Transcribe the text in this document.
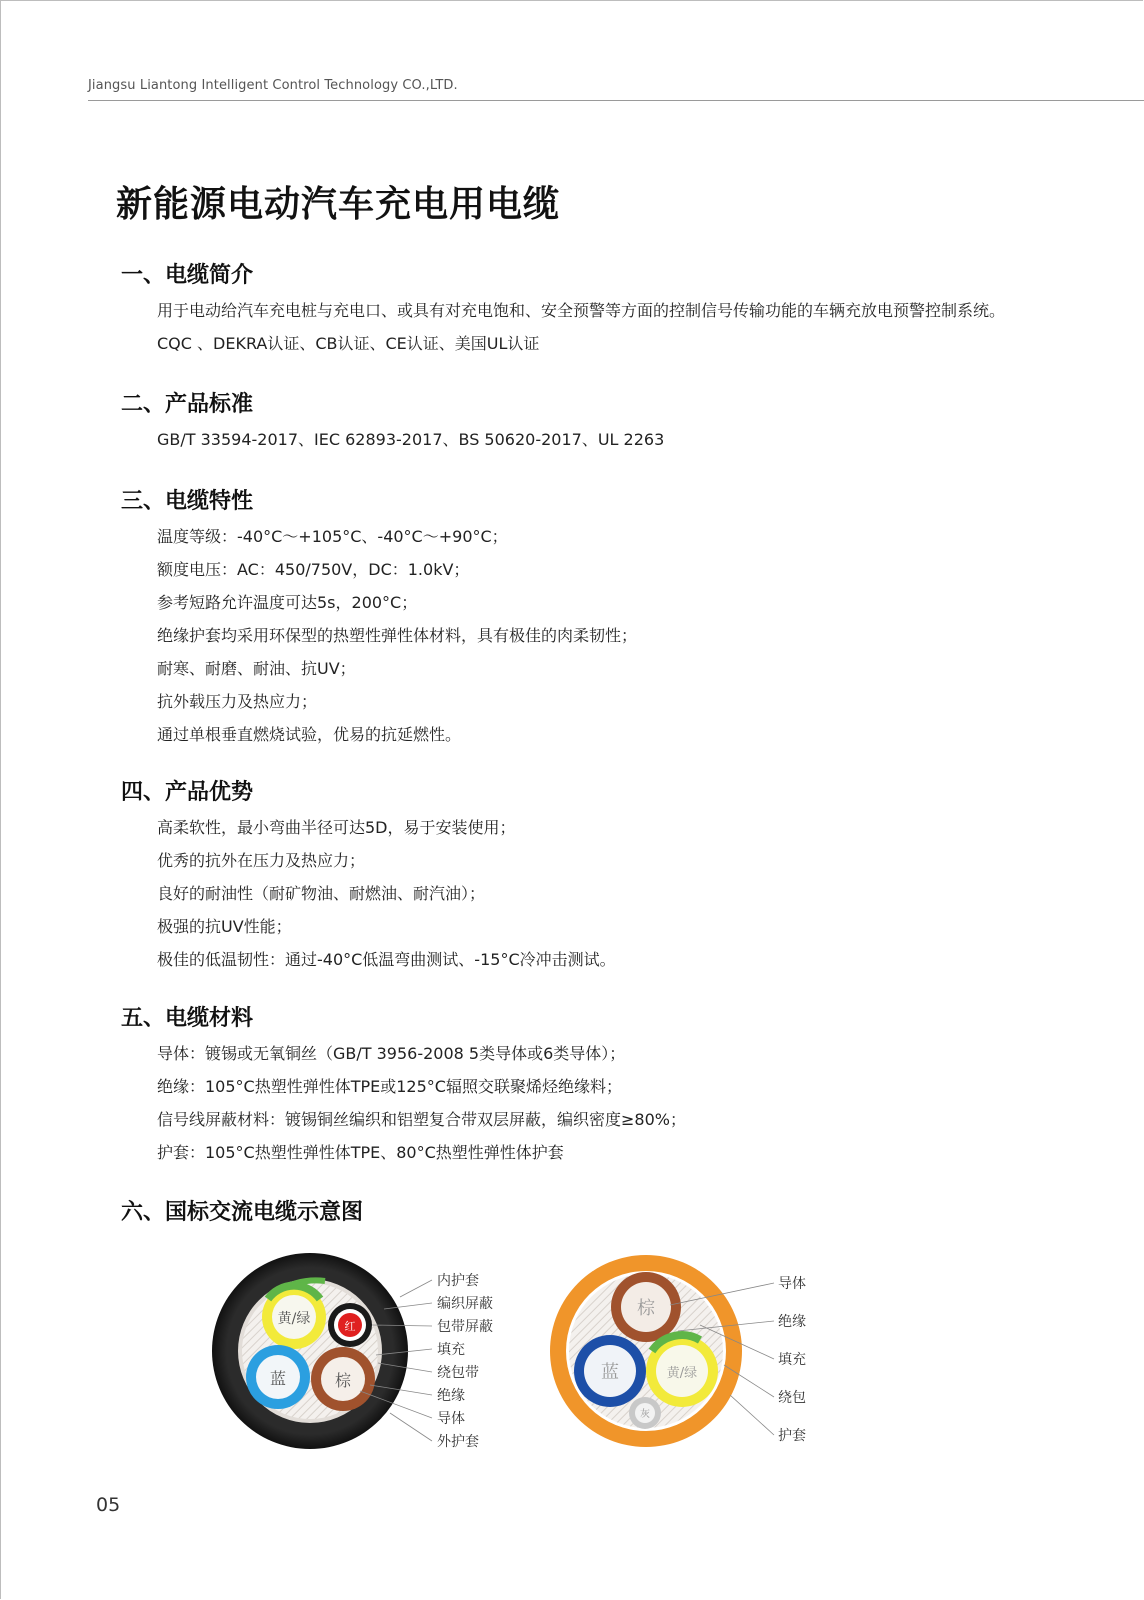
Jiangsu Liantong Intelligent Control Technology CO.,LTD.
新能源电动汽车充电用电缆
一、电缆简介
用于电动给汽车充电桩与充电口、或具有对充电饱和、安全预警等方面的控制信号传输功能的车辆充放电预警控制系统。
CQC 、DEKRA认证、CB认证、CE认证、美国UL认证
二、产品标准
GB/T 33594-2017、IEC 62893-2017、BS 50620-2017、UL 2263
三、电缆特性
温度等级：-40°C～+105°C、-40°C～+90°C；
额度电压：AC：450/750V，DC：1.0kV；
参考短路允许温度可达5s，200°C；
绝缘护套均采用环保型的热塑性弹性体材料，具有极佳的肉柔韧性；
耐寒、耐磨、耐油、抗UV；
抗外载压力及热应力；
通过单根垂直燃烧试验，优易的抗延燃性。
四、产品优势
高柔软性，最小弯曲半径可达5D，易于安装使用；
优秀的抗外在压力及热应力；
良好的耐油性（耐矿物油、耐燃油、耐汽油）；
极强的抗UV性能；
极佳的低温韧性：通过-40°C低温弯曲测试、-15°C冷冲击测试。
五、电缆材料
导体：镀锡或无氧铜丝（GB/T 3956-2008 5类导体或6类导体）；
绝缘：105°C热塑性弹性体TPE或125°C辐照交联聚烯烃绝缘料；
信号线屏蔽材料：镀锡铜丝编织和铝塑复合带双层屏蔽，编织密度≥80%；
护套：105°C热塑性弹性体TPE、80°C热塑性弹性体护套
六、国标交流电缆示意图
黄/绿	红
蓝	棕
内护套
编织屏蔽
包带屏蔽
填充
绕包带
绝缘
导体
外护套
棕
蓝	黄/绿
灰
导体
绝缘
填充
绕包
护套
05
